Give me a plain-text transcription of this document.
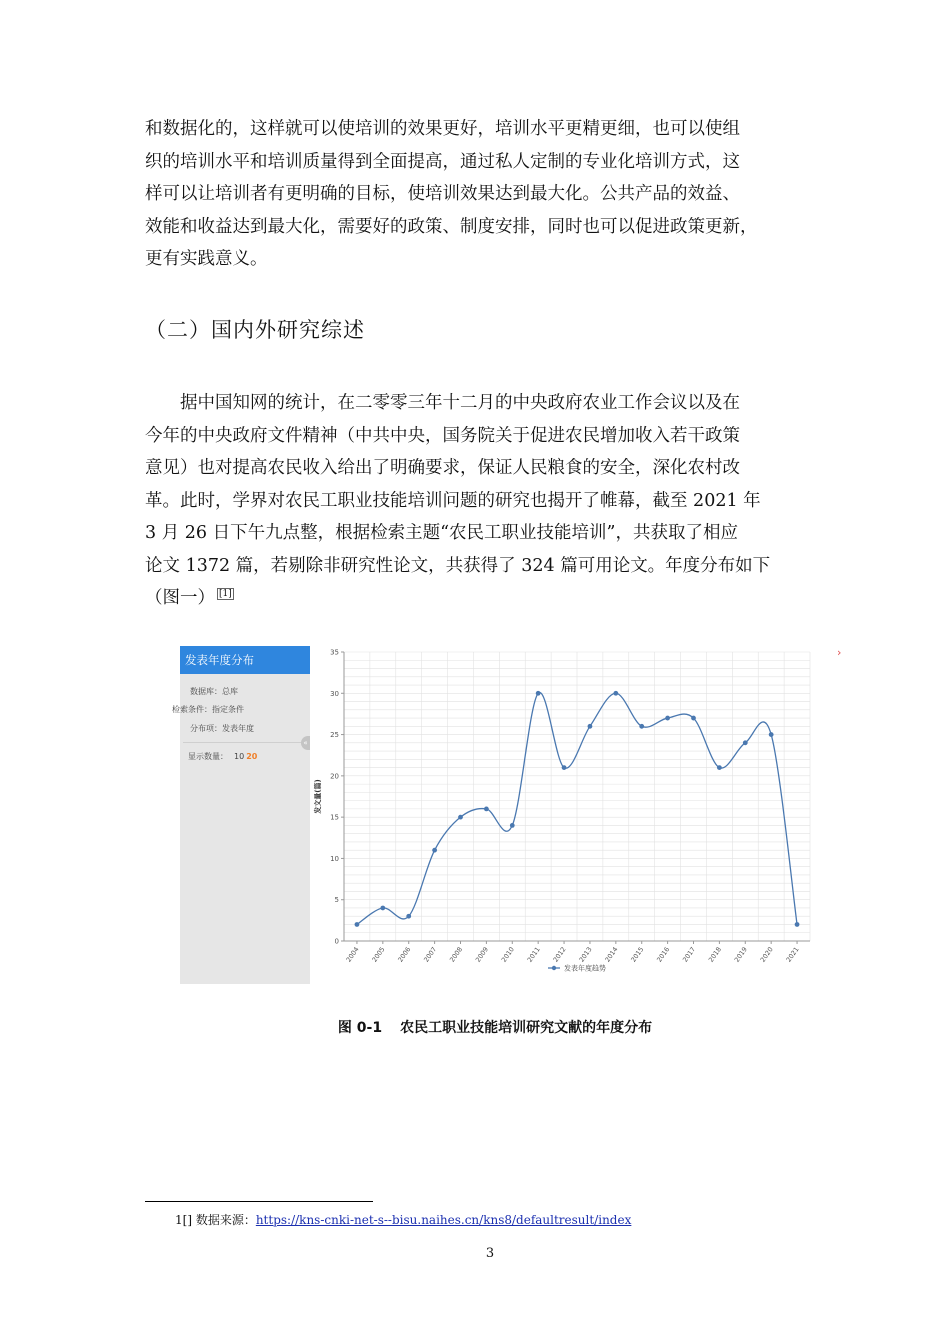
和数据化的，这样就可以使培训的效果更好，培训水平更精更细，也可以使组
织的培训水平和培训质量得到全面提高，通过私人定制的专业化培训方式，这
样可以让培训者有更明确的目标，使培训效果达到最大化。公共产品的效益、
效能和收益达到最大化，需要好的政策、制度安排，同时也可以促进政策更新，
更有实践意义。

（二）国内外研究综述

据中国知网的统计，在二零零三年十二月的中央政府农业工作会议以及在
今年的中央政府文件精神（中共中央，国务院关于促进农民增加收入若干政策
意见）也对提高农民收入给出了明确要求，保证人民粮食的安全，深化农村改
革。此时，学界对农民工职业技能培训问题的研究也揭开了帷幕，截至 2021 年
3 月 26 日下午九点整，根据检索主题“农民工职业技能培训”，共获取了相应
论文 1372 篇，若剔除非研究性论文，共获得了 324 篇可用论文。年度分布如下
（图一） [1]

发表年度分布
数据库：总库
检索条件：指定条件
分布项：发表年度
显示数量： 10 20
«
0
5
10
15
20
25
30
35
2004 2005 2006 2007 2008 2009 2010 2011 2012 2013 2014 2015 2016 2017 2018 2019 2020 2021
发文量(篇)
发表年度趋势
›

图 0-1 农民工职业技能培训研究文献的年度分布

1[] 数据来源：https://kns-cnki-net-s--bisu.naihes.cn/kns8/defaultresult/index
3
